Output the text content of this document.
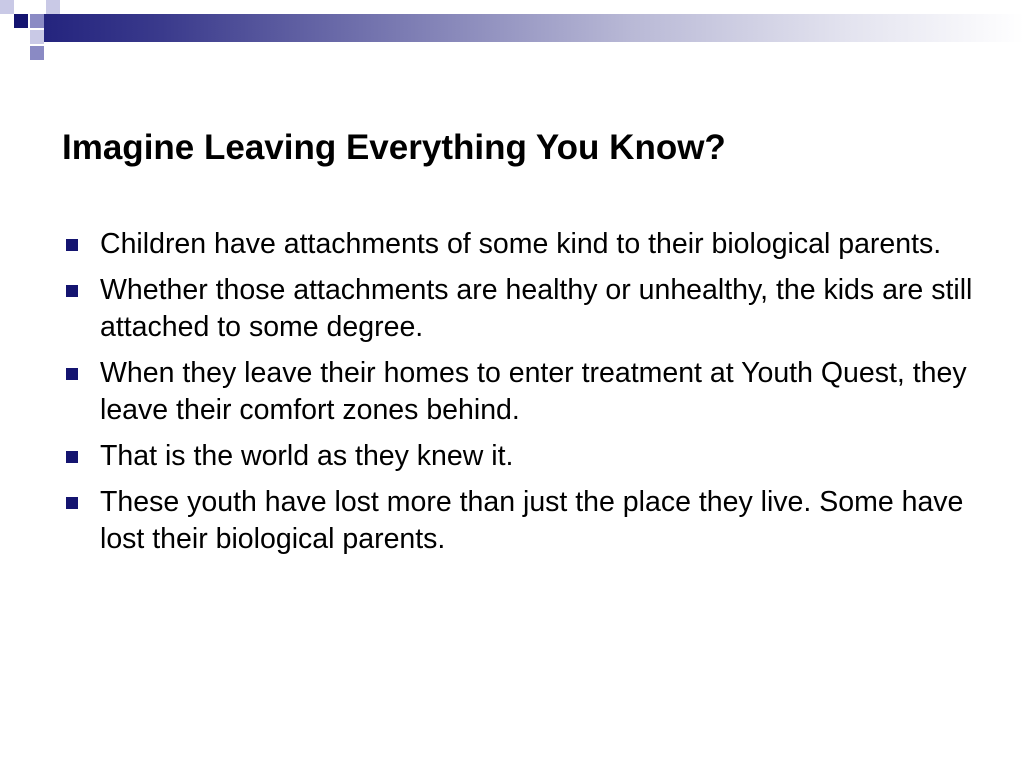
Imagine Leaving Everything You Know?
Children have attachments of some kind to their biological parents.
Whether those attachments are healthy or unhealthy, the kids are still attached to some degree.
When they leave their homes to enter treatment at Youth Quest, they leave their comfort zones behind.
That is the world as they knew it.
These youth have lost more than just the place they live. Some have lost their biological parents.
